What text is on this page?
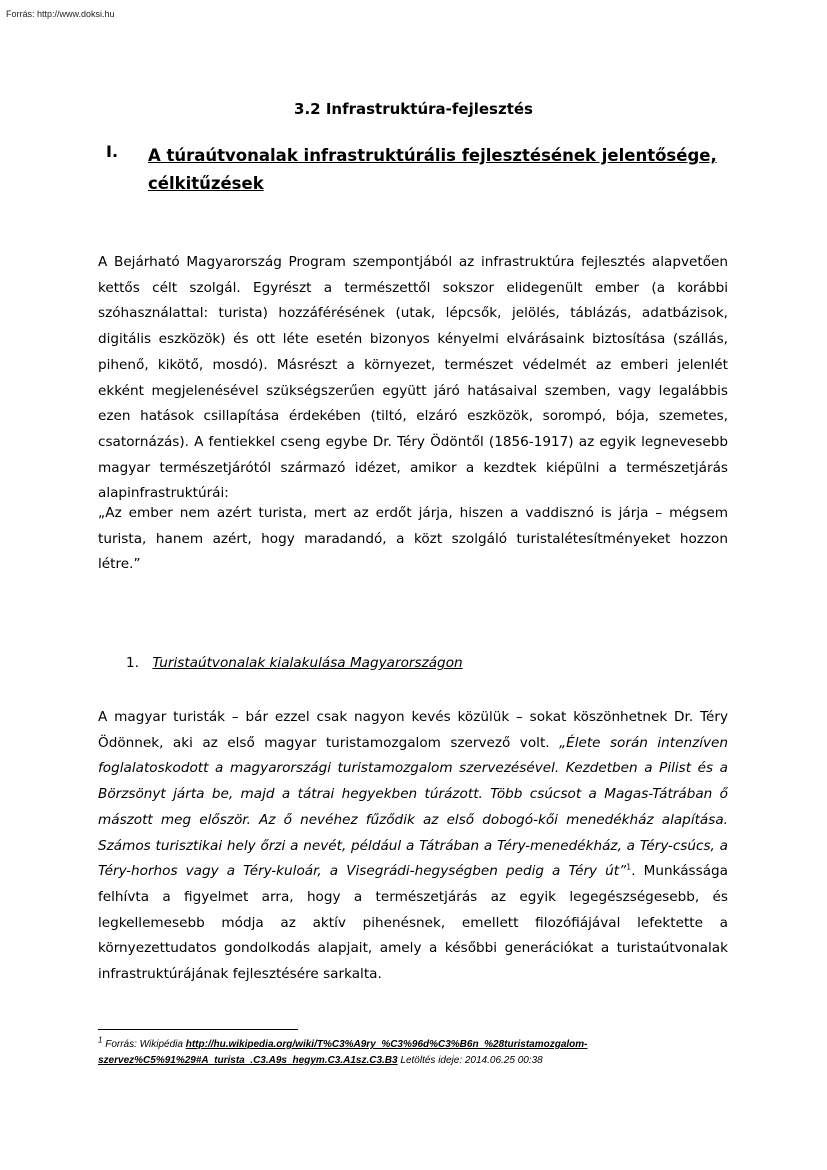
Forrás: http://www.doksi.hu
3.2 Infrastruktúra-fejlesztés
I. A túraútvonalak infrastruktúrális fejlesztésének jelentősége, célkitűzések
A Bejárható Magyarország Program szempontjából az infrastruktúra fejlesztés alapvetően kettős célt szolgál. Egyrészt a természettől sokszor elidegenült ember (a korábbi szóhasználattal: turista) hozzáférésének (utak, lépcsők, jelölés, táblázás, adatbázisok, digitális eszközök) és ott léte esetén bizonyos kényelmi elvárásaink biztosítása (szállás, pihenő, kikötő, mosdó). Másrészt a környezet, természet védelmét az emberi jelenlét ekként megjelenésével szükségszerűen együtt járó hatásaival szemben, vagy legalábbis ezen hatások csillapítása érdekében (tiltó, elzáró eszközök, sorompó, bója, szemetes, csatornázás). A fentiekkel cseng egybe Dr. Téry Ödöntől (1856-1917) az egyik legnevesebb magyar természetjárótól származó idézet, amikor a kezdtek kiépülni a természetjárás alapinfrastruktúrái:
„Az ember nem azért turista, mert az erdőt járja, hiszen a vaddisznó is járja – mégsem turista, hanem azért, hogy maradandó, a közt szolgáló turistalétesítményeket hozzon létre.”
1. Turistaútvonalak kialakulása Magyarországon
A magyar turisták – bár ezzel csak nagyon kevés közülük – sokat köszönhetnek Dr. Téry Ödönnek, aki az első magyar turistamozgalom szervező volt. „Élete során intenzíven foglalatoskodott a magyarországi turistamozgalom szervezésével. Kezdetben a Pilist és a Börzsönyt járta be, majd a tátrai hegyekben túrázott. Több csúcsot a Magas-Tátrában ő mászott meg először. Az ő nevéhez fűződik az első dobogó-kői menedékház alapítása. Számos turisztikai hely őrzi a nevét, például a Tátrában a Téry-menedékház, a Téry-csúcs, a Téry-horhos vagy a Téry-kuloár, a Visegrádi-hegységben pedig a Téry út”$^1$. Munkássága felhívta a figyelmet arra, hogy a természetjárás az egyik legegészségesebb, és legkellemesebb módja az aktív pihenésnek, emellett filozófiájával lefektette a környezettudatos gondolkodás alapjait, amely a későbbi generációkat a turistaútvonalak infrastruktúrájának fejlesztésére sarkalta.
$^1$ Forrás: Wikipédia http://hu.wikipedia.org/wiki/T%C3%A9ry_%C3%96d%C3%B6n_%28turistamozgalom-szervez%C5%91%29#A_turista_.C3.A9s_hegym.C3.A1sz.C3.B3 Letöltés ideje: 2014.06.25 00:38
